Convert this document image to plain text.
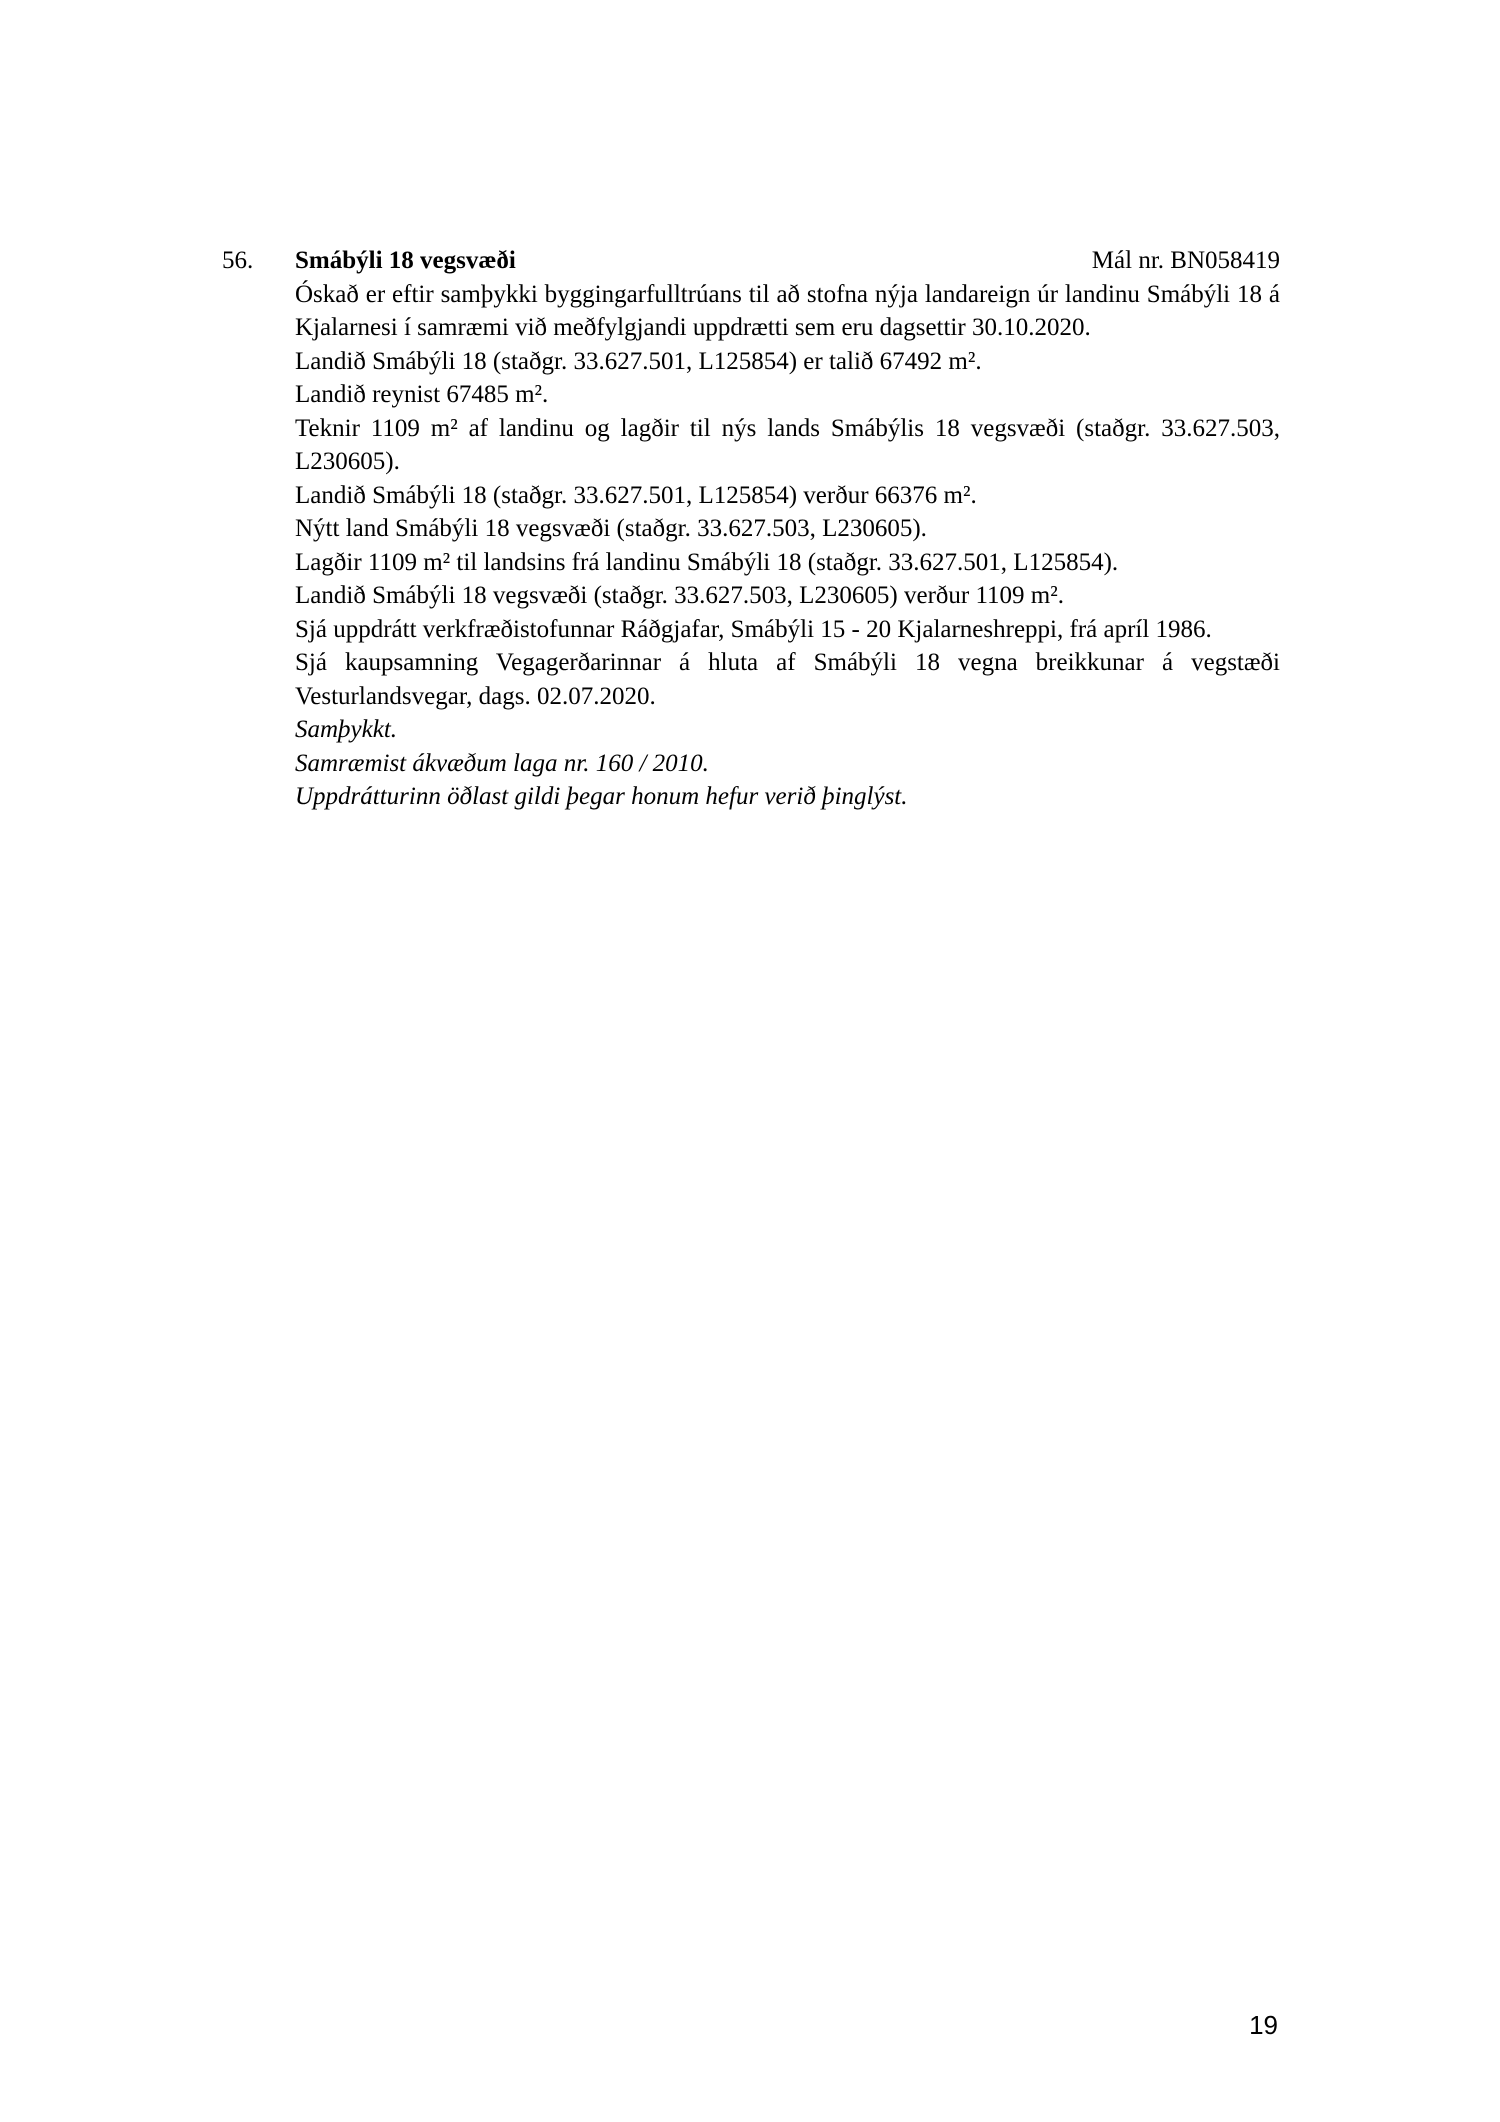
56. Smábýli 18 vegsvæði	Mál nr. BN058419

Óskað er eftir samþykki byggingarfulltrúans til að stofna nýja landareign úr landinu Smábýli 18 á Kjalarnesi í samræmi við meðfylgjandi uppdrætti sem eru dagsettir 30.10.2020.

Landið Smábýli 18 (staðgr. 33.627.501, L125854) er talið 67492 m².

Landið reynist 67485 m².

Teknir 1109 m² af landinu og lagðir til nýs lands Smábýlis 18 vegsvæði (staðgr. 33.627.503, L230605).

Landið Smábýli 18 (staðgr. 33.627.501, L125854) verður 66376 m².

Nýtt land Smábýli 18 vegsvæði (staðgr. 33.627.503, L230605).

Lagðir 1109 m² til landsins frá landinu Smábýli 18 (staðgr. 33.627.501, L125854).

Landið Smábýli 18 vegsvæði (staðgr. 33.627.503, L230605) verður 1109 m².

Sjá uppdrátt verkfræðistofunnar Ráðgjafar, Smábýli 15 - 20 Kjalarneshreppi, frá apríl 1986.

Sjá kaupsamning Vegagerðarinnar á hluta af Smábýli 18 vegna breikkunar á vegstæði Vesturlandsvegar, dags. 02.07.2020.

Samþykkt.

Samræmist ákvæðum laga nr. 160 / 2010.

Uppdrátturinn öðlast gildi þegar honum hefur verið þinglýst.

19
